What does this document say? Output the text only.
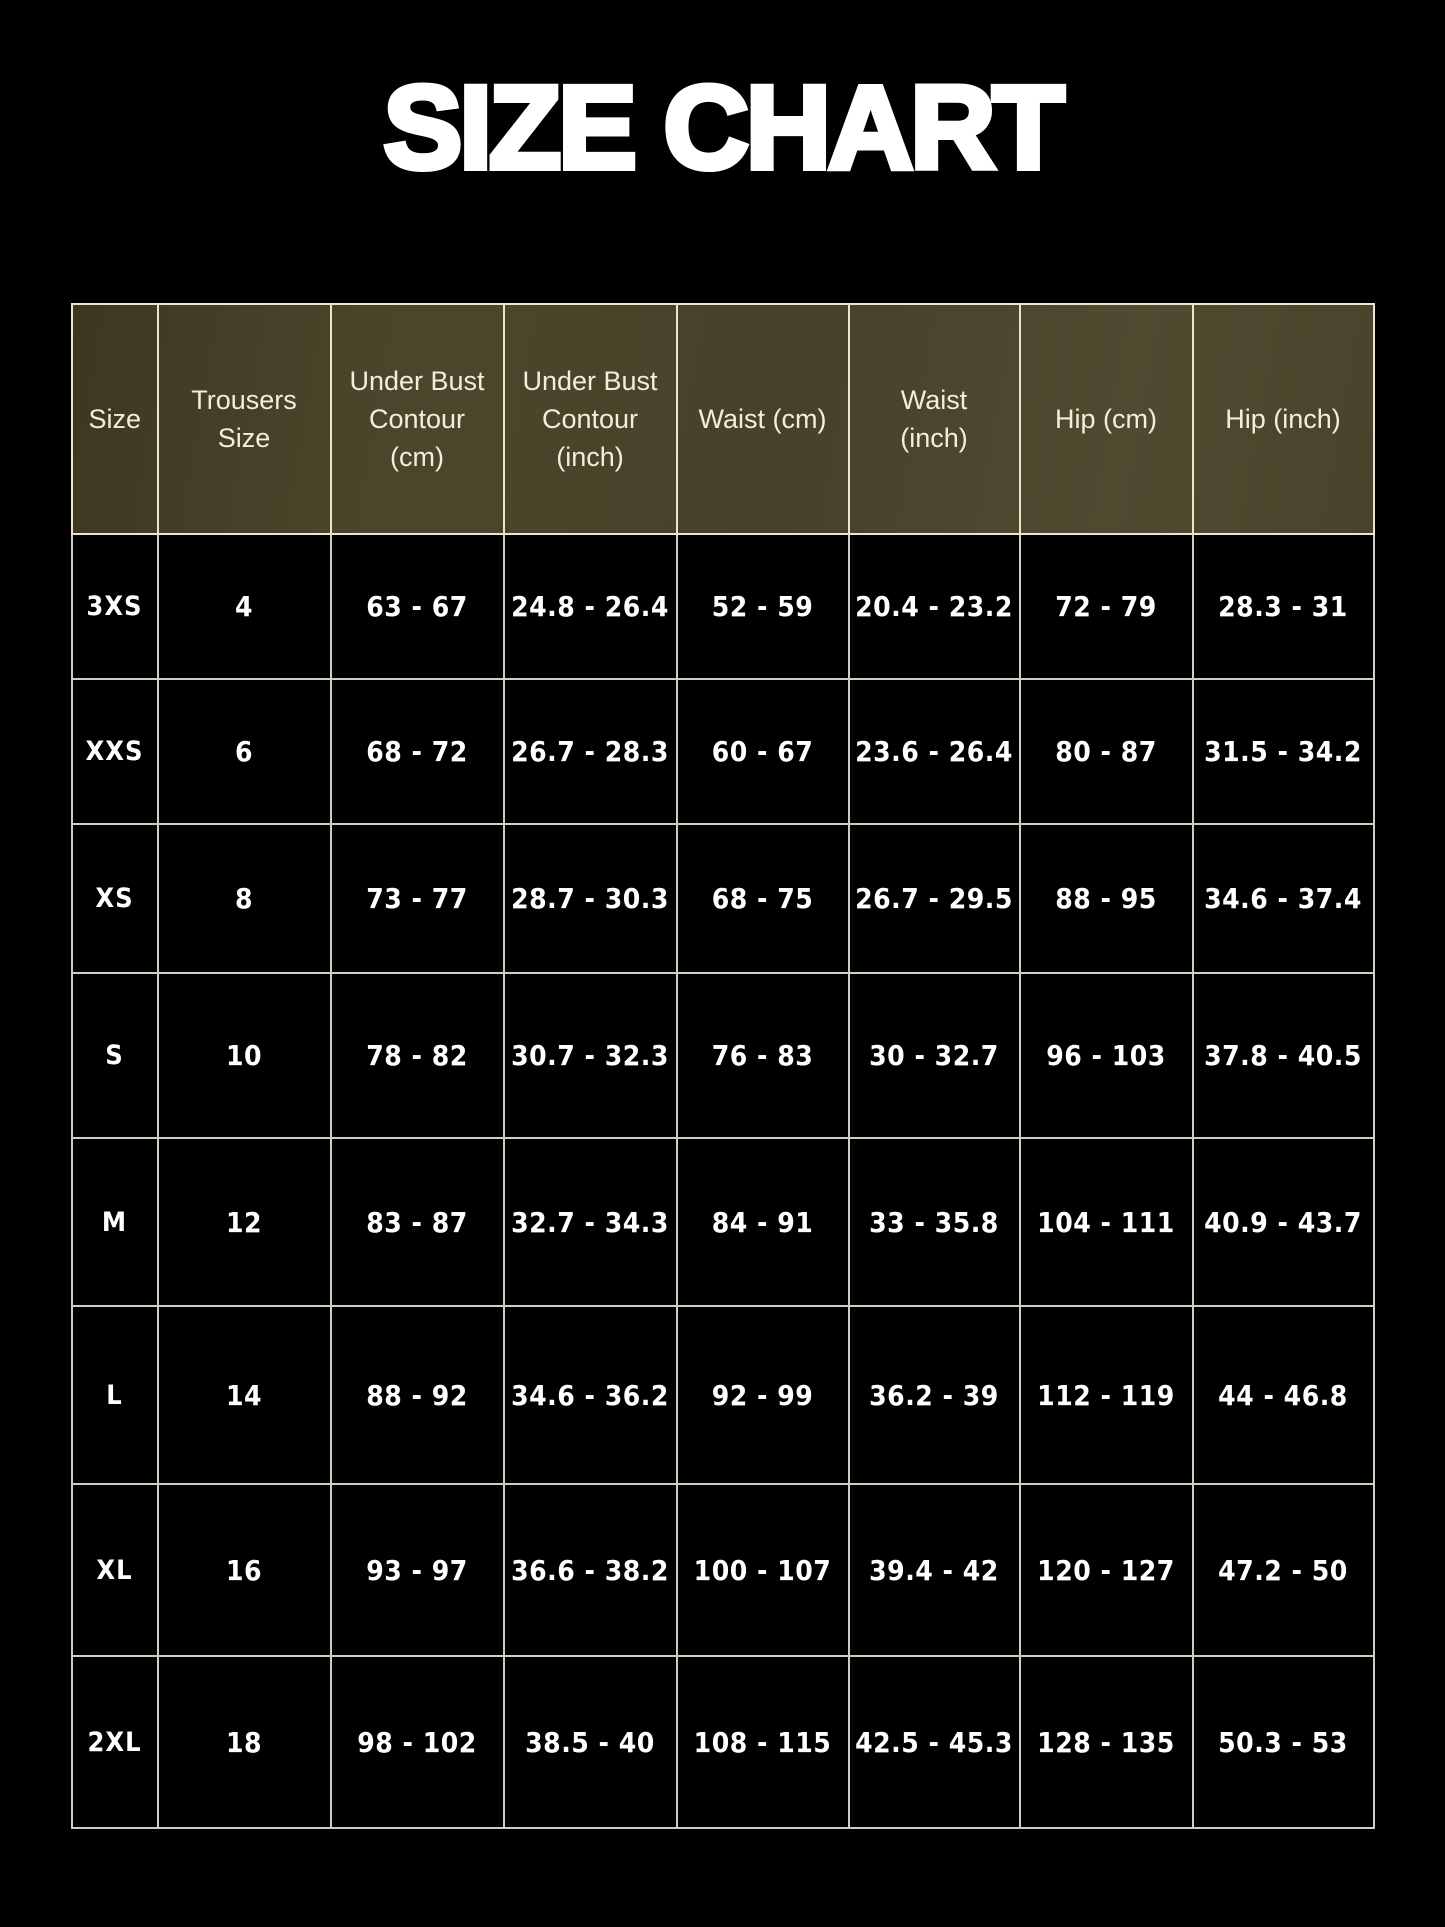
SIZE CHART
Size	Trousers Size	Under Bust Contour (cm)	Under Bust Contour (inch)	Waist (cm)	Waist (inch)	Hip (cm)	Hip (inch)
3XS	4	63 - 67	24.8 - 26.4	52 - 59	20.4 - 23.2	72 - 79	28.3 - 31
XXS	6	68 - 72	26.7 - 28.3	60 - 67	23.6 - 26.4	80 - 87	31.5 - 34.2
XS	8	73 - 77	28.7 - 30.3	68 - 75	26.7 - 29.5	88 - 95	34.6 - 37.4
S	10	78 - 82	30.7 - 32.3	76 - 83	30 - 32.7	96 - 103	37.8 - 40.5
M	12	83 - 87	32.7 - 34.3	84 - 91	33 - 35.8	104 - 111	40.9 - 43.7
L	14	88 - 92	34.6 - 36.2	92 - 99	36.2 - 39	112 - 119	44 - 46.8
XL	16	93 - 97	36.6 - 38.2	100 - 107	39.4 - 42	120 - 127	47.2 - 50
2XL	18	98 - 102	38.5 - 40	108 - 115	42.5 - 45.3	128 - 135	50.3 - 53
